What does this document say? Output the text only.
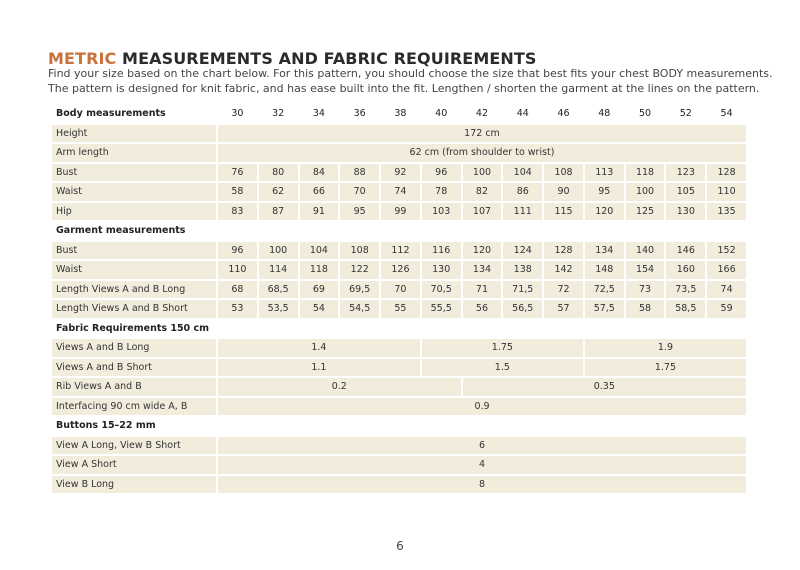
METRIC MEASUREMENTS AND FABRIC REQUIREMENTS
Find your size based on the chart below. For this pattern, you should choose the size that best fits your chest BODY measurements.
The pattern is designed for knit fabric, and has ease built into the fit. Lengthen / shorten the garment at the lines on the pattern.
Body measurements	30	32	34	36	38	40	42	44	46	48	50	52	54
Height	172 cm												
Arm length	62 cm (from shoulder to wrist)												
Bust	76	80	84	88	92	96	100	104	108	113	118	123	128
Waist	58	62	66	70	74	78	82	86	90	95	100	105	110
Hip	83	87	91	95	99	103	107	111	115	120	125	130	135
Garment measurements													
Bust	96	100	104	108	112	116	120	124	128	134	140	146	152
Waist	110	114	118	122	126	130	134	138	142	148	154	160	166
Length Views A and B Long	68	68,5	69	69,5	70	70,5	71	71,5	72	72,5	73	73,5	74
Length Views A and B Short	53	53,5	54	54,5	55	55,5	56	56,5	57	57,5	58	58,5	59
Fabric Requirements 150 cm													
Views A and B Long	1.4					1.75				1.9			
Views A and B Short	1.1					1.5				1.75			
Rib Views A and B	0.2						0.35						
Interfacing 90 cm wide A, B	0.9												
Buttons 15–22 mm													
View A Long, View B Short	6												
View A Short	4												
View B Long	8												
6
